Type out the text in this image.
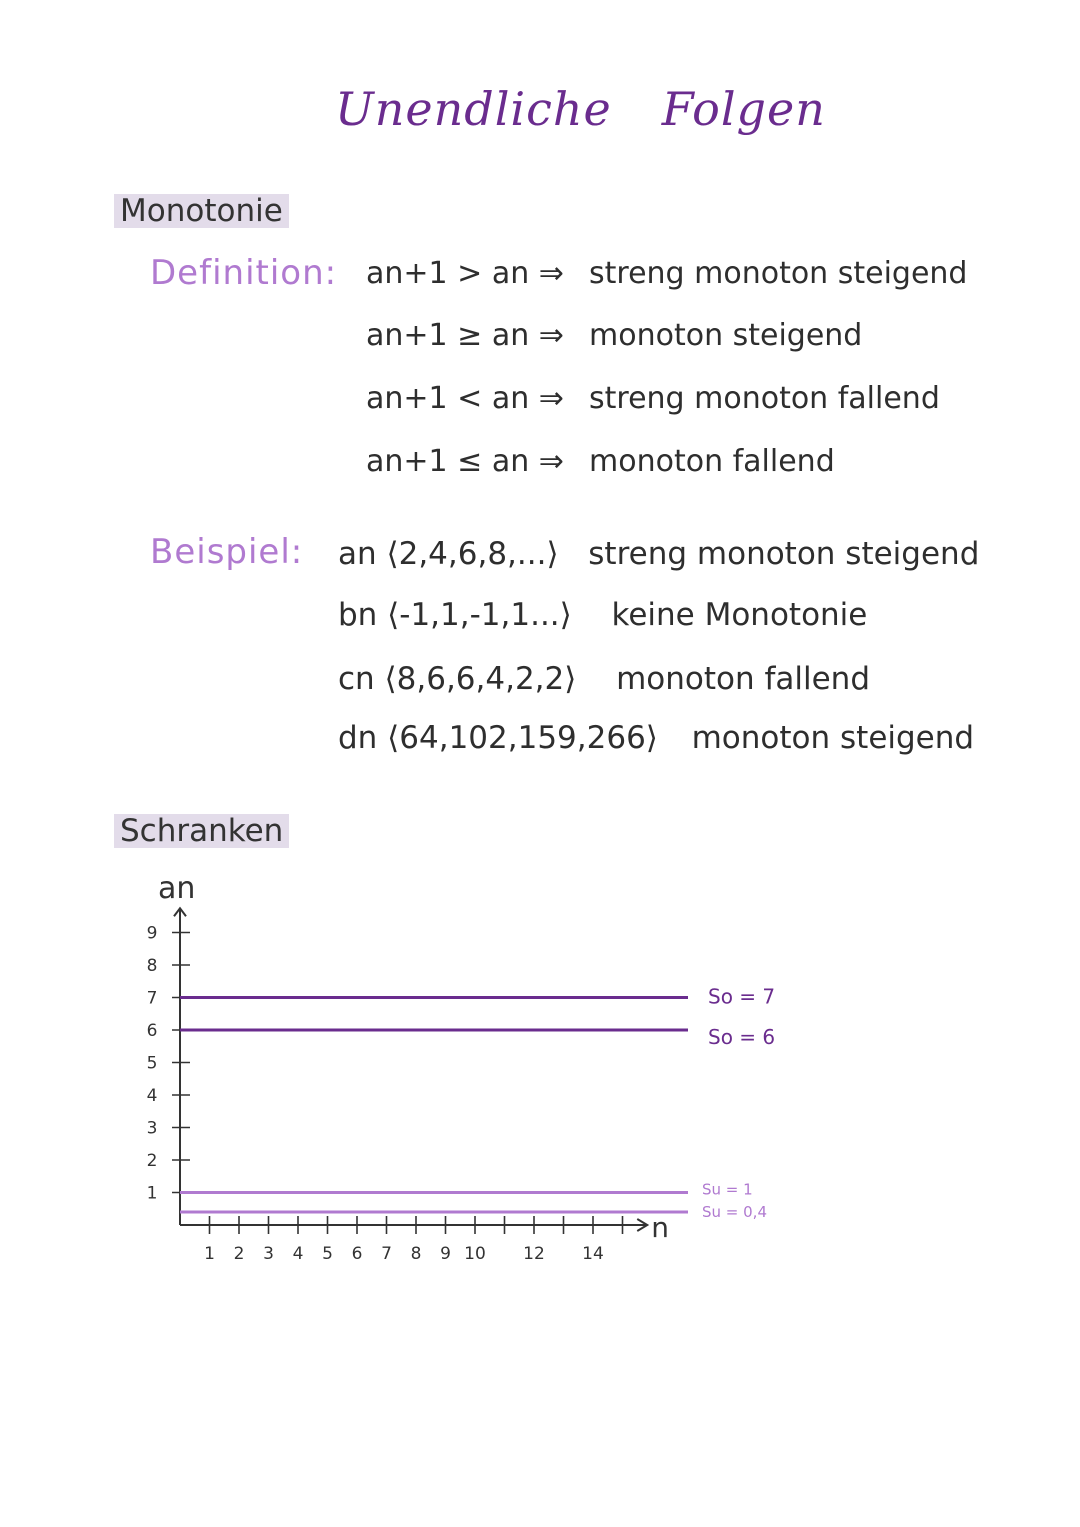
Unendliche Folgen
Monotonie
Definition: an+1 > an ⇒ streng monoton steigend
an+1 ≥ an ⇒ monoton steigend
an+1 < an ⇒ streng monoton fallend
an+1 ≤ an ⇒ monoton fallend
Beispiel: an ⟨2,4,6,8,...⟩ streng monoton steigend
bn ⟨-1,1,-1,1...⟩ keine Monotonie
cn ⟨8,6,6,4,2,2⟩ monoton fallend
dn ⟨64,102,159,266⟩ monoton steigend
Schranken
an
n
1
2
3
4
5
6
7
8
9
1 2 3 4 5 6 7 8 9 10 12 14
So = 7
So = 6
Su = 1
Su = 0,4
